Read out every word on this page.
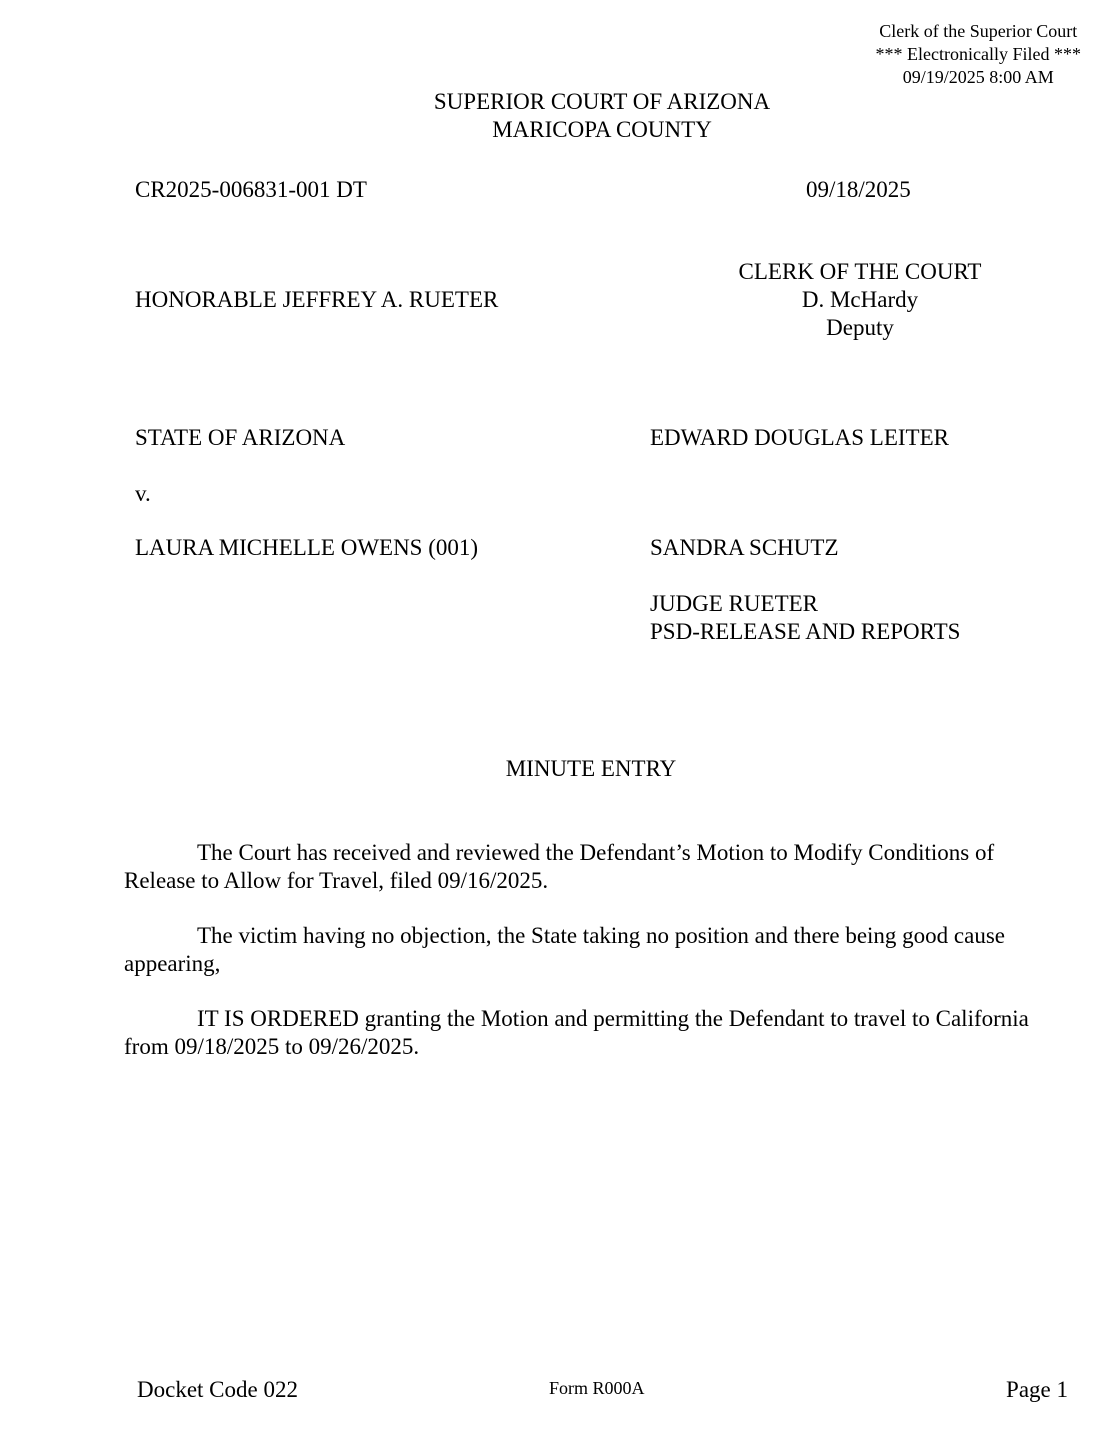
Clerk of the Superior Court
*** Electronically Filed ***
09/19/2025 8:00 AM
SUPERIOR COURT OF ARIZONA
MARICOPA COUNTY
CR2025-006831-001 DT	09/18/2025
HONORABLE JEFFREY A. RUETER
CLERK OF THE COURT
D. McHardy
Deputy
STATE OF ARIZONA
v.
LAURA MICHELLE OWENS (001)
EDWARD DOUGLAS LEITER
SANDRA SCHUTZ
JUDGE RUETER
PSD-RELEASE AND REPORTS
MINUTE ENTRY

The Court has received and reviewed the Defendant’s Motion to Modify Conditions of Release to Allow for Travel, filed 09/16/2025.

The victim having no objection, the State taking no position and there being good cause appearing,

IT IS ORDERED granting the Motion and permitting the Defendant to travel to California from 09/18/2025 to 09/26/2025.

Docket Code 022	Form R000A	Page 1
